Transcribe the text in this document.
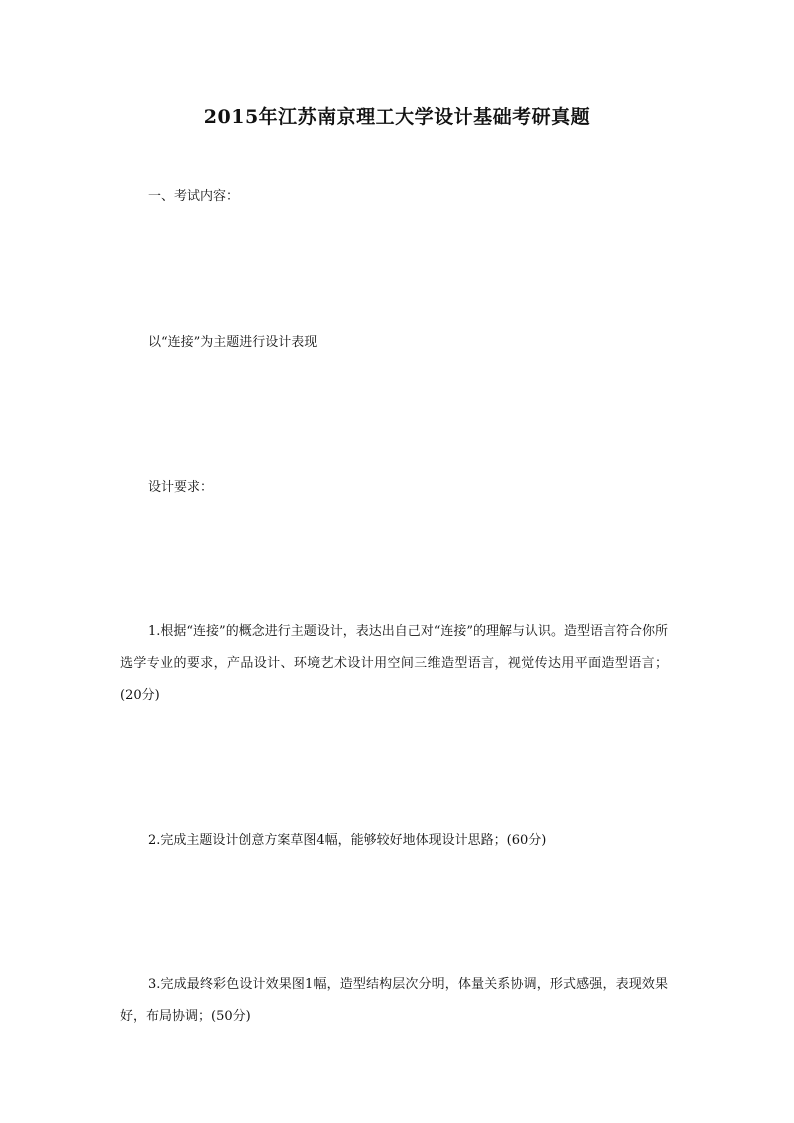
2015年江苏南京理工大学设计基础考研真题
一、考试内容：
以“连接”为主题进行设计表现
设计要求：
1.根据“连接”的概念进行主题设计，表达出自己对“连接”的理解与认识。造型语言符合你所选学专业的要求，产品设计、环境艺术设计用空间三维造型语言，视觉传达用平面造型语言；(20分)
2.完成主题设计创意方案草图4幅，能够较好地体现设计思路；(60分)
3.完成最终彩色设计效果图1幅，造型结构层次分明，体量关系协调，形式感强，表现效果好，布局协调；(50分)
